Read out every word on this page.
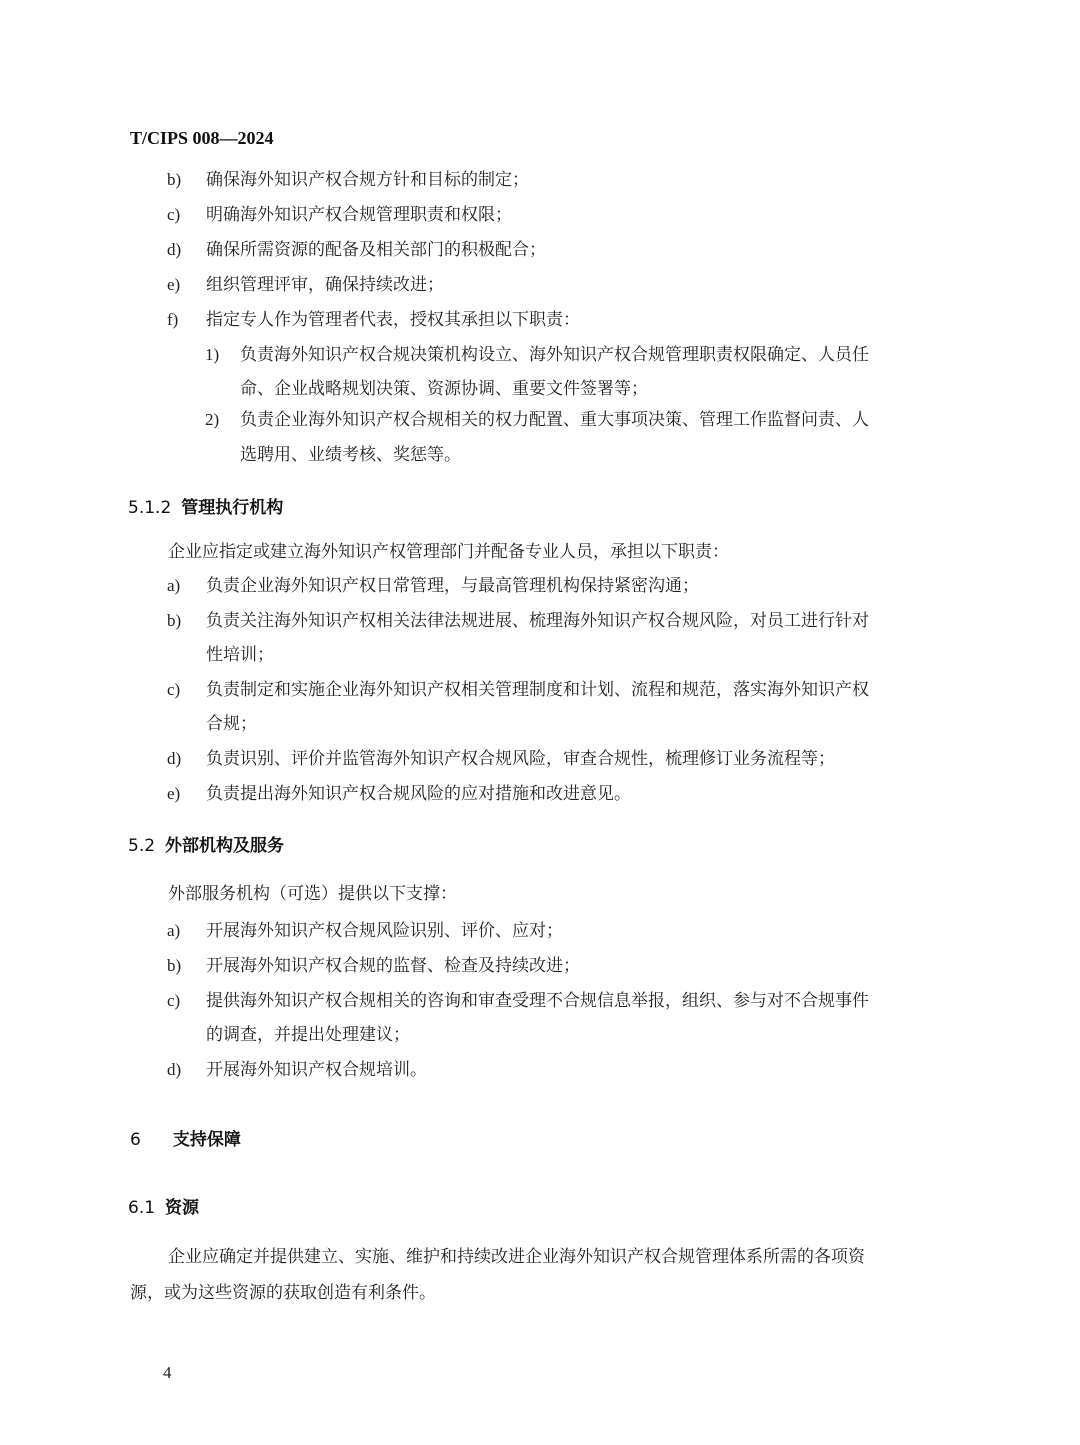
T/CIPS 008—2024
b) 确保海外知识产权合规方针和目标的制定；
c) 明确海外知识产权合规管理职责和权限；
d) 确保所需资源的配备及相关部门的积极配合；
e) 组织管理评审，确保持续改进；
f) 指定专人作为管理者代表，授权其承担以下职责：
1) 负责海外知识产权合规决策机构设立、海外知识产权合规管理职责权限确定、人员任
命、企业战略规划决策、资源协调、重要文件签署等；
2) 负责企业海外知识产权合规相关的权力配置、重大事项决策、管理工作监督问责、人
选聘用、业绩考核、奖惩等。
5.1.2 管理执行机构
企业应指定或建立海外知识产权管理部门并配备专业人员，承担以下职责：
a) 负责企业海外知识产权日常管理，与最高管理机构保持紧密沟通；
b) 负责关注海外知识产权相关法律法规进展、梳理海外知识产权合规风险，对员工进行针对
性培训；
c) 负责制定和实施企业海外知识产权相关管理制度和计划、流程和规范，落实海外知识产权
合规；
d) 负责识别、评价并监管海外知识产权合规风险，审查合规性，梳理修订业务流程等；
e) 负责提出海外知识产权合规风险的应对措施和改进意见。
5.2 外部机构及服务
外部服务机构（可选）提供以下支撑：
a) 开展海外知识产权合规风险识别、评价、应对；
b) 开展海外知识产权合规的监督、检查及持续改进；
c) 提供海外知识产权合规相关的咨询和审查受理不合规信息举报，组织、参与对不合规事件
的调查，并提出处理建议；
d) 开展海外知识产权合规培训。
6 支持保障
6.1 资源
企业应确定并提供建立、实施、维护和持续改进企业海外知识产权合规管理体系所需的各项资
源，或为这些资源的获取创造有利条件。
4
